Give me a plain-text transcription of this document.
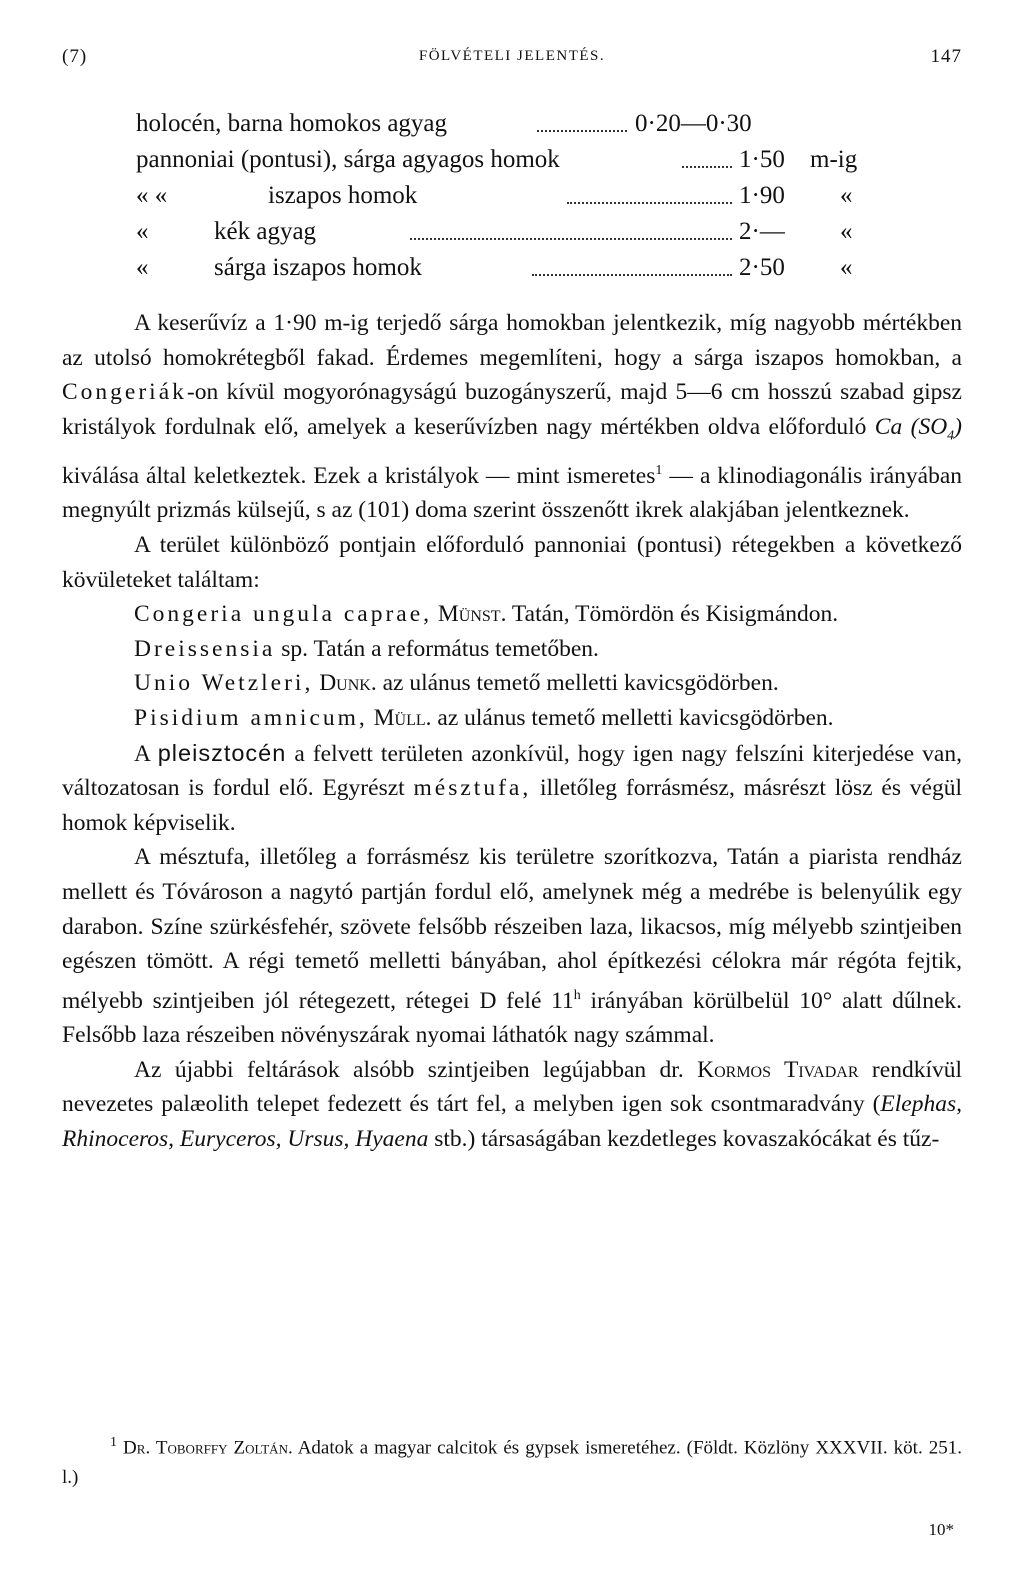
(7)	FÖLVÉTELI JELENTÉS.	147
holocén, barna homokos agyag	0·20—0·30
pannoniai (pontusi), sárga agyagos homok	1·50 m-ig
« «	iszapos homok	1·90 «
«	kék agyag	2·— «
«	sárga iszapos homok	2·50 «

A keserűvíz a 1·90 m-ig terjedő sárga homokban jelentkezik, míg nagyobb mértékben az utolsó homokrétegből fakad. Érdemes megemlíteni, hogy a sárga iszapos homokban, a Congeriák-on kívül mogyorónagyságú buzogányszerű, majd 5—6 cm hosszú szabad gipsz kristályok fordulnak elő, amelyek a keserűvízben nagy mértékben oldva előforduló Ca $(SO_4)$ kiválása által keletkeztek. Ezek a kristályok — mint ismeretes$^1$ — a klinodiagonális irányában megnyúlt prizmás külsejű, s az (101) doma szerint összenőtt ikrek alakjában jelentkeznek.

A terület különböző pontjain előforduló pannoniai (pontusi) rétegekben a következő kövületeket találtam:

Congeria ungula caprae, Münst. Tatán, Tömördön és Kisigmándon.

Dreissensia sp. Tatán a református temetőben.

Unio Wetzleri, Dunk. az ulánus temető melletti kavicsgödörben.

Pisidium amnicum, Müll. az ulánus temető melletti kavicsgödörben.

A pleisztocén a felvett területen azonkívül, hogy igen nagy felszíni kiterjedése van, változatosan is fordul elő. Egyrészt mésztufa, illetőleg forrásmész, másrészt lösz és végül homok képviselik.

A mésztufa, illetőleg a forrásmész kis területre szorítkozva, Tatán a piarista rendház mellett és Tóvároson a nagytó partján fordul elő, amelynek még a medrébe is belenyúlik egy darabon. Színe szürkésfehér, szövete felsőbb részeiben laza, likacsos, míg mélyebb szintjeiben egészen tömött. A régi temető melletti bányában, ahol építkezési célokra már régóta fejtik, mélyebb szintjeiben jól rétegezett, rétegei D felé 11$^h$ irányában körülbelül 10° alatt dűlnek. Felsőbb laza részeiben növényszárak nyomai láthatók nagy számmal.

Az újabbi feltárások alsóbb szintjeiben legújabban dr. Kormos Tivadar rendkívül nevezetes palæolith telepet fedezett és tárt fel, a melyben igen sok csontmaradvány (Elephas, Rhinoceros, Euryceros, Ursus, Hyaena stb.) társaságában kezdetleges kovaszakócákat és tűz-

$^1$ Dr. Toborffy Zoltán. Adatok a magyar calcitok és gypsek ismeretéhez. (Földt. Közlöny XXXVII. köt. 251. l.)

10*
